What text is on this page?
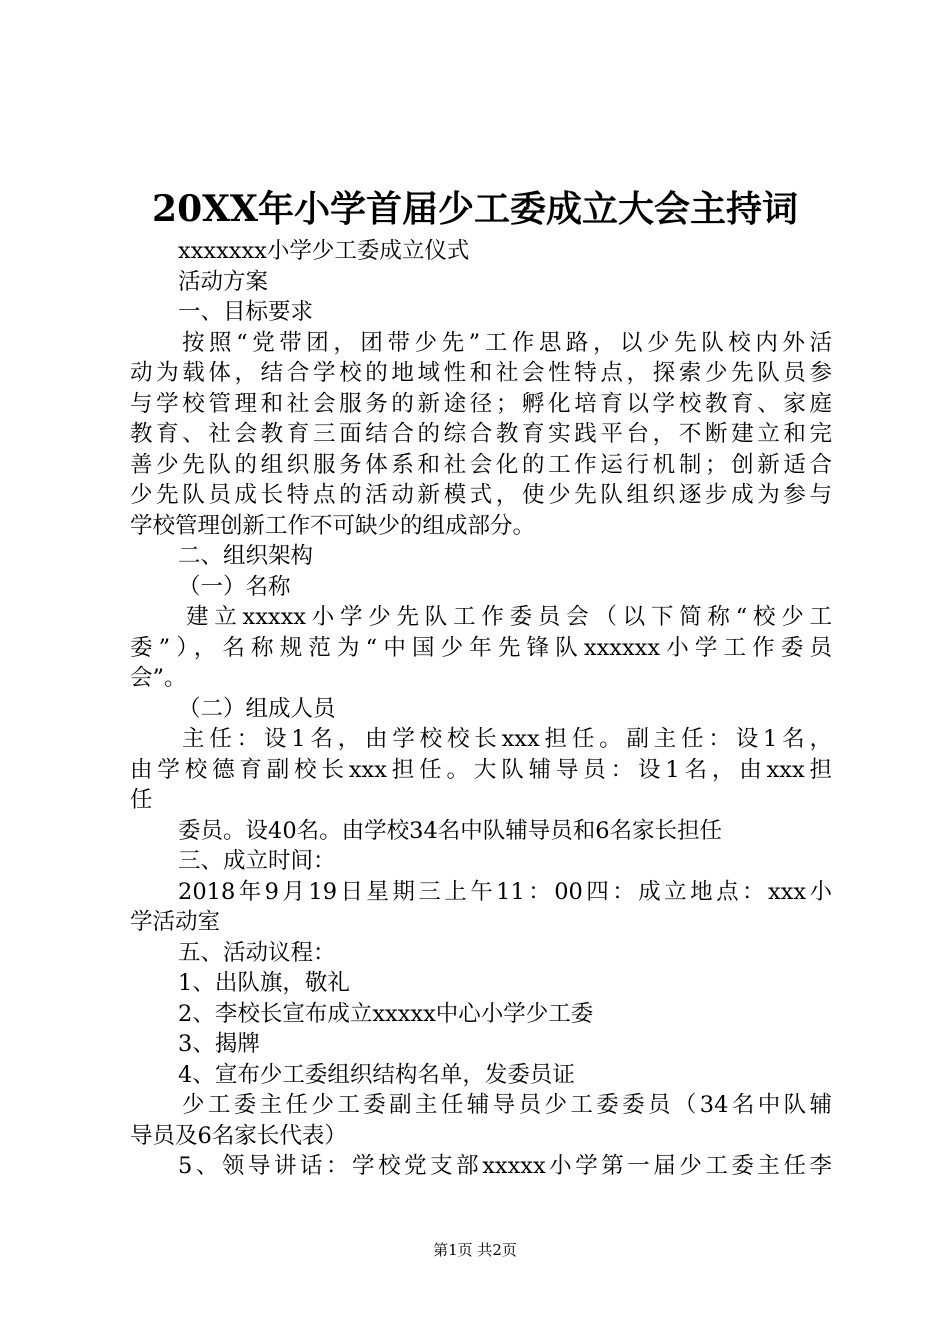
20XX年小学首届少工委成立大会主持词
xxxxxxx小学少工委成立仪式
活动方案
一、目标要求
按照“党带团，团带少先”工作思路，以少先队校内外活
动为载体，结合学校的地域性和社会性特点，探索少先队员参
与学校管理和社会服务的新途径；孵化培育以学校教育、家庭
教育、社会教育三面结合的综合教育实践平台，不断建立和完
善少先队的组织服务体系和社会化的工作运行机制；创新适合
少先队员成长特点的活动新模式，使少先队组织逐步成为参与
学校管理创新工作不可缺少的组成部分。
二、组织架构
（一）名称
建立xxxxx小学少先队工作委员会（以下简称“校少工
委”），名称规范为“中国少年先锋队xxxxxx小学工作委员
会”。
（二）组成人员
主任：设1名，由学校校长xxx担任。副主任：设1名，
由学校德育副校长xxx担任。大队辅导员：设1名，由xxx担
任
委员。设40名。由学校34名中队辅导员和6名家长担任
三、成立时间：
2018年9月19日星期三上午11：00四：成立地点：xxx小
学活动室
五、活动议程：
1、出队旗，敬礼
2、李校长宣布成立xxxxx中心小学少工委
3、揭牌
4、宣布少工委组织结构名单，发委员证
少工委主任少工委副主任辅导员少工委委员（34名中队辅
导员及6名家长代表）
5、领导讲话：学校党支部xxxxx小学第一届少工委主任李
第1页 共2页
